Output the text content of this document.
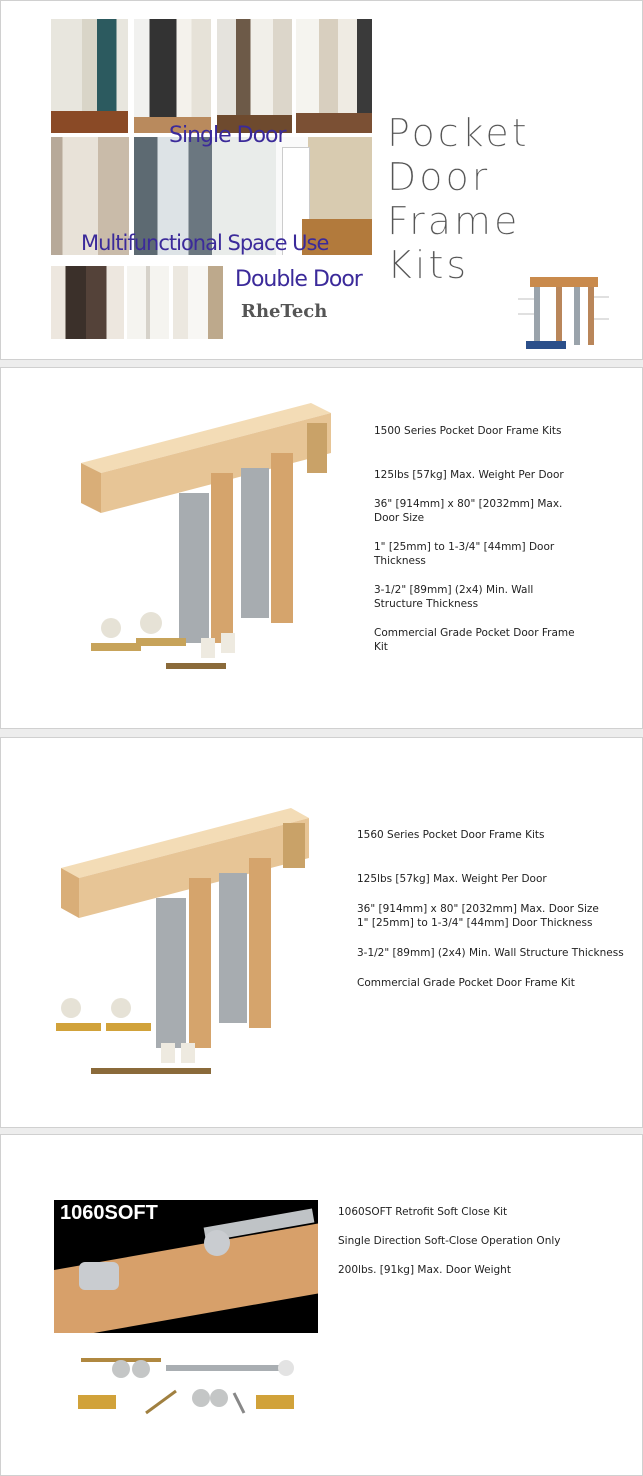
Single Door
Multifunctional Space Use
Double Door
RheTech
Pocket
Door
Frame
Kits

1500 Series Pocket Door Frame Kits

125lbs [57kg] Max. Weight Per Door

36" [914mm] x 80" [2032mm] Max. Door Size

1" [25mm] to 1-3/4" [44mm] Door Thickness

3-1/2" [89mm] (2x4) Min. Wall Structure Thickness

Commercial Grade Pocket Door Frame Kit

1560 Series Pocket Door Frame Kits

125lbs [57kg] Max. Weight Per Door

36" [914mm] x 80" [2032mm] Max. Door Size

1" [25mm] to 1-3/4" [44mm] Door Thickness

3-1/2" [89mm] (2x4) Min. Wall Structure Thickness

Commercial Grade Pocket Door Frame Kit

1060SOFT	1060SOFT Retrofit Soft Close Kit

Single Direction Soft-Close Operation Only

200lbs. [91kg] Max. Door Weight
